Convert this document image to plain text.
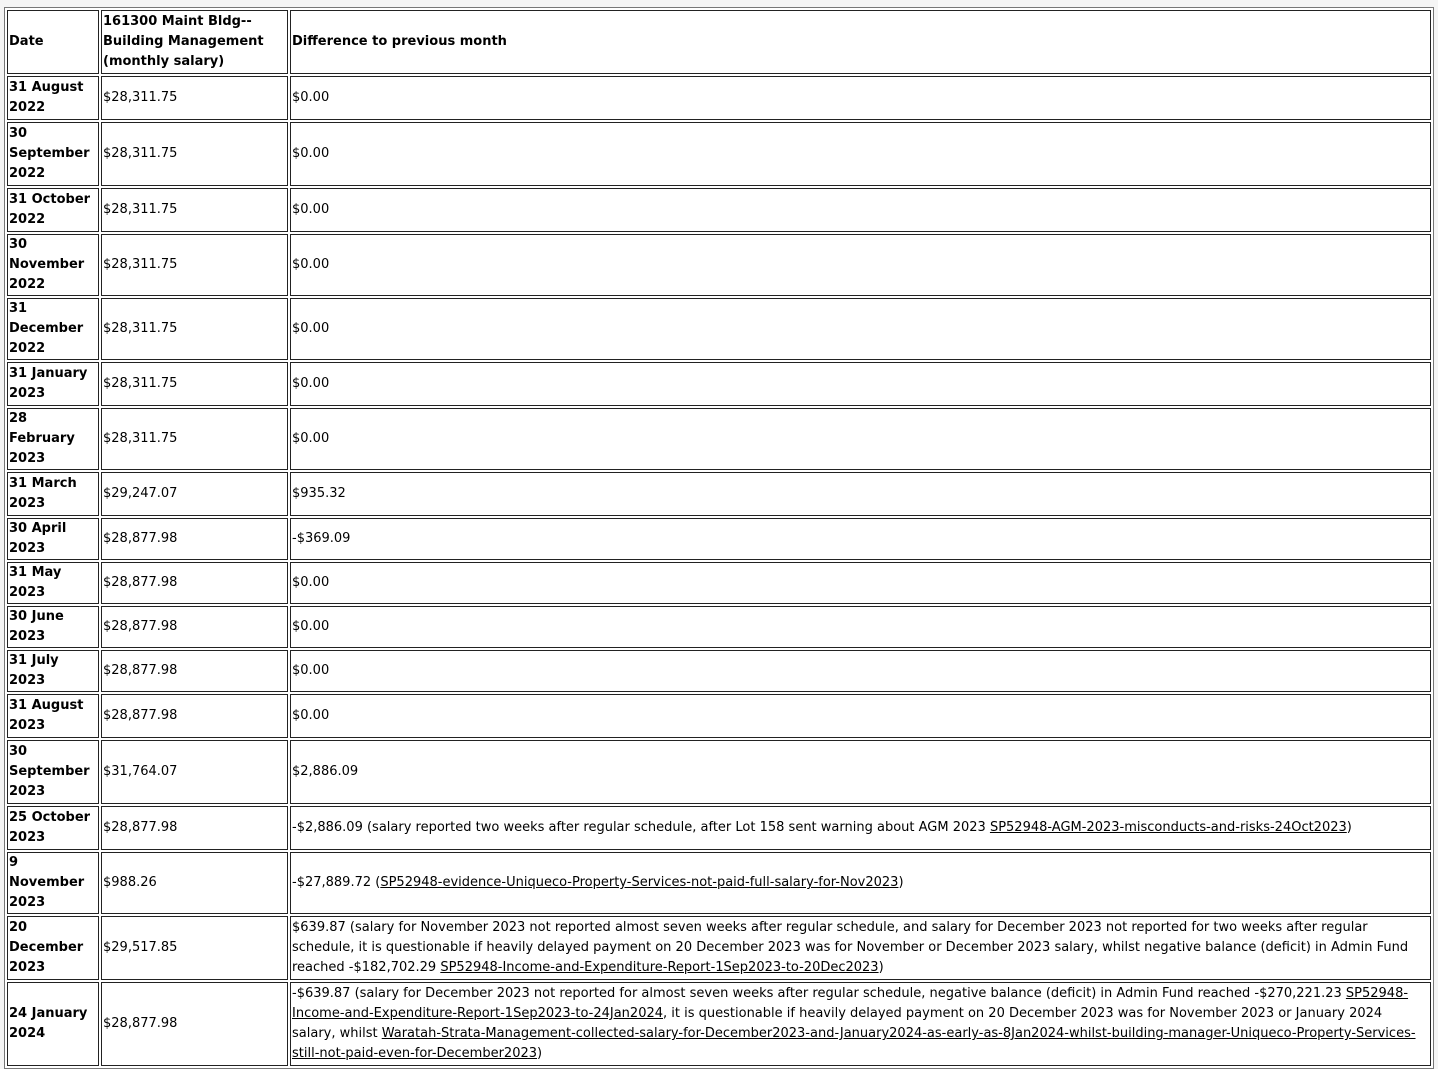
Date	161300 Maint Bldg--Building Management (monthly salary)	Difference to previous month
31 August 2022	$28,311.75	$0.00
30 September 2022	$28,311.75	$0.00
31 October 2022	$28,311.75	$0.00
30 November 2022	$28,311.75	$0.00
31 December 2022	$28,311.75	$0.00
31 January 2023	$28,311.75	$0.00
28 February 2023	$28,311.75	$0.00
31 March 2023	$29,247.07	$935.32
30 April 2023	$28,877.98	-$369.09
31 May 2023	$28,877.98	$0.00
30 June 2023	$28,877.98	$0.00
31 July 2023	$28,877.98	$0.00
31 August 2023	$28,877.98	$0.00
30 September 2023	$31,764.07	$2,886.09
25 October 2023	$28,877.98	-$2,886.09 (salary reported two weeks after regular schedule, after Lot 158 sent warning about AGM 2023 SP52948-AGM-2023-misconducts-and-risks-24Oct2023)
9 November 2023	$988.26	-$27,889.72 (SP52948-evidence-Uniqueco-Property-Services-not-paid-full-salary-for-Nov2023)
20 December 2023	$29,517.85	$639.87 (salary for November 2023 not reported almost seven weeks after regular schedule, and salary for December 2023 not reported for two weeks after regular schedule, it is questionable if heavily delayed payment on 20 December 2023 was for November or December 2023 salary, whilst negative balance (deficit) in Admin Fund reached -$182,702.29 SP52948-Income-and-Expenditure-Report-1Sep2023-to-20Dec2023)
24 January 2024	$28,877.98	-$639.87 (salary for December 2023 not reported for almost seven weeks after regular schedule, negative balance (deficit) in Admin Fund reached -$270,221.23 SP52948-Income-and-Expenditure-Report-1Sep2023-to-24Jan2024, it is questionable if heavily delayed payment on 20 December 2023 was for November 2023 or January 2024 salary, whilst Waratah-Strata-Management-collected-salary-for-December2023-and-January2024-as-early-as-8Jan2024-whilst-building-manager-Uniqueco-Property-Services-still-not-paid-even-for-December2023)
